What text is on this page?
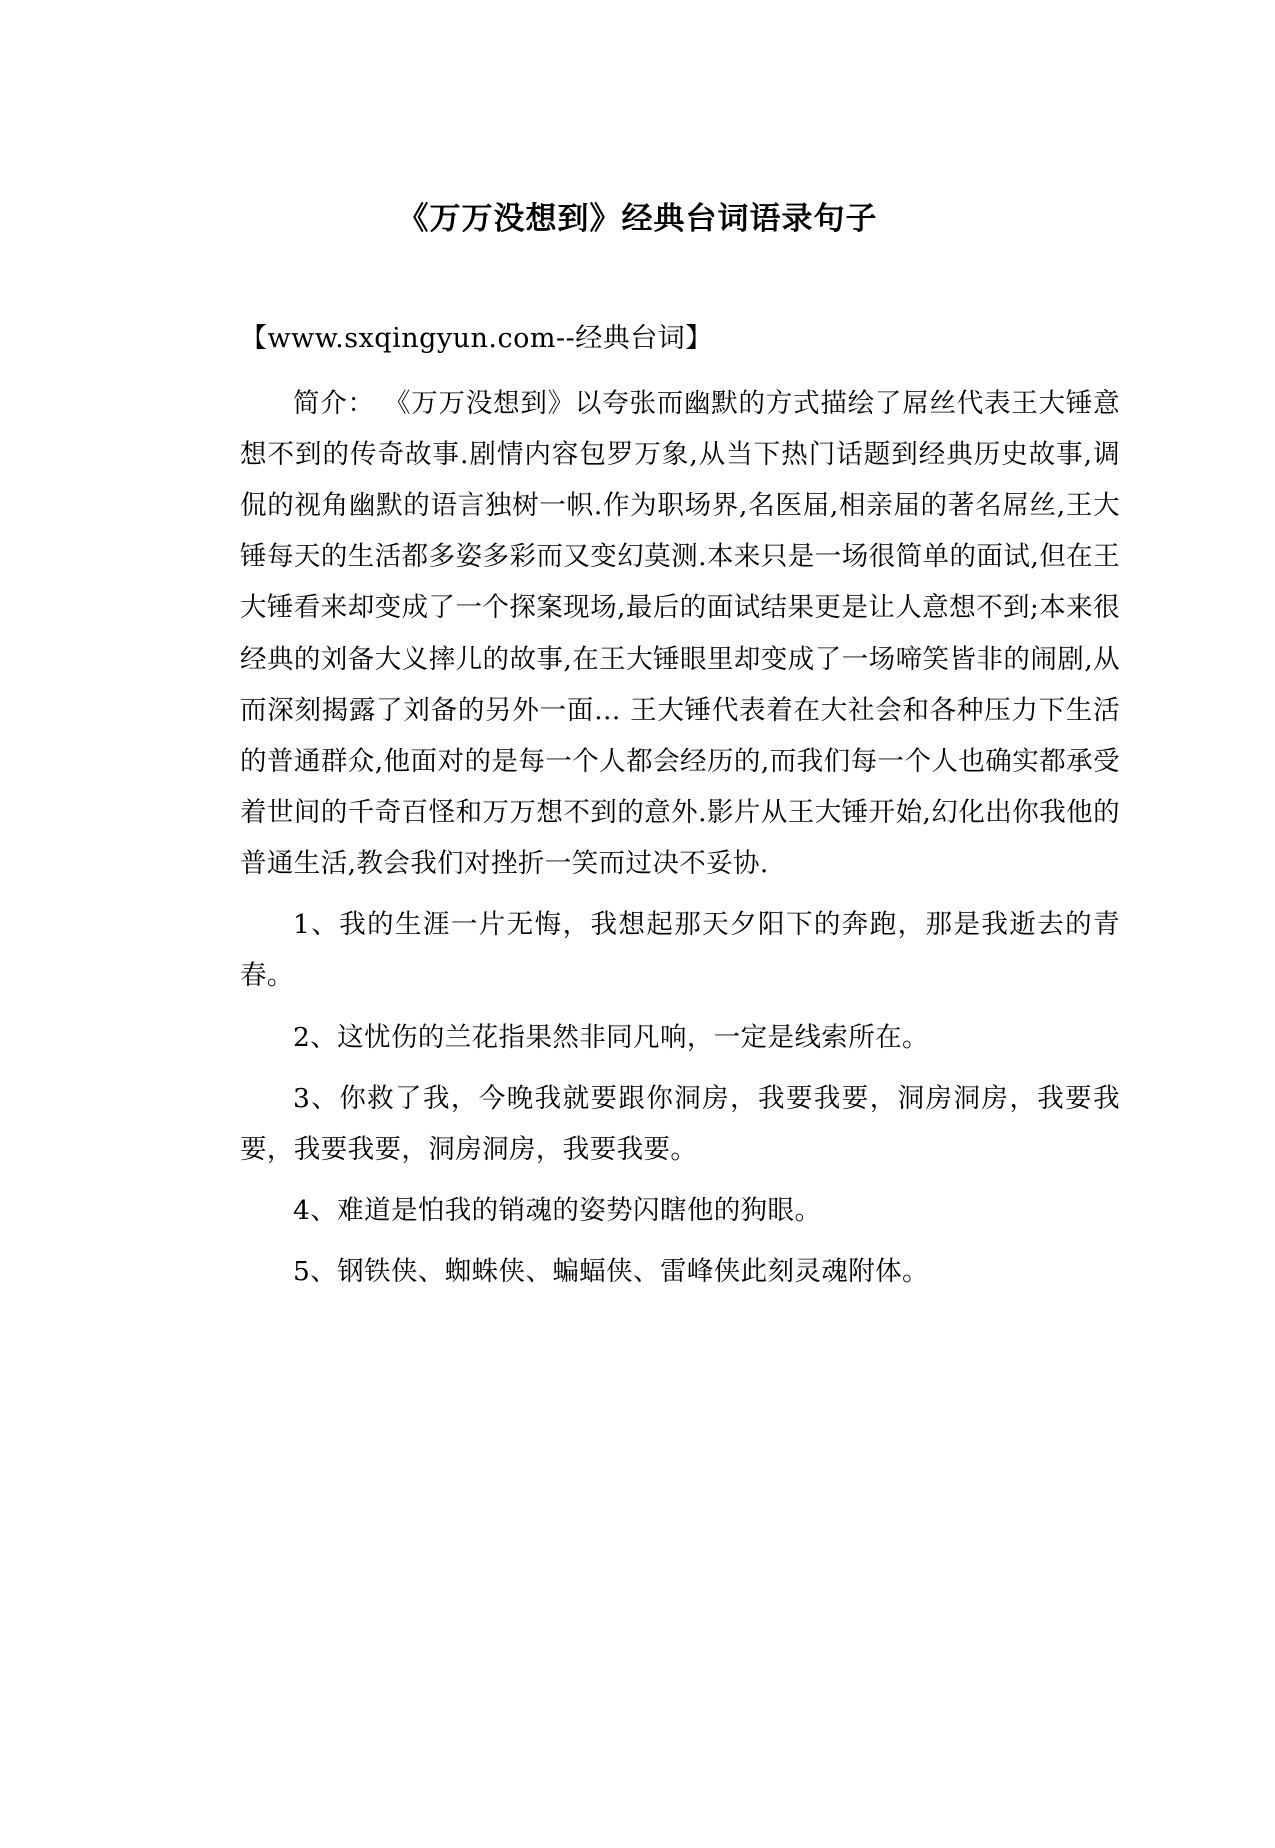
《万万没想到》经典台词语录句子
【www.sxqingyun.com--经典台词】

简介： 《万万没想到》以夸张而幽默的方式描绘了屌丝代表王大锤意想不到的传奇故事.剧情内容包罗万象,从当下热门话题到经典历史故事,调侃的视角幽默的语言独树一帜.作为职场界,名医届,相亲届的著名屌丝,王大锤每天的生活都多姿多彩而又变幻莫测.本来只是一场很简单的面试,但在王大锤看来却变成了一个探案现场,最后的面试结果更是让人意想不到;本来很经典的刘备大义摔儿的故事,在王大锤眼里却变成了一场啼笑皆非的闹剧,从而深刻揭露了刘备的另外一面… 王大锤代表着在大社会和各种压力下生活的普通群众,他面对的是每一个人都会经历的,而我们每一个人也确实都承受着世间的千奇百怪和万万想不到的意外.影片从王大锤开始,幻化出你我他的普通生活,教会我们对挫折一笑而过决不妥协.

1、我的生涯一片无悔，我想起那天夕阳下的奔跑，那是我逝去的青春。

2、这忧伤的兰花指果然非同凡响，一定是线索所在。

3、你救了我，今晚我就要跟你洞房，我要我要，洞房洞房，我要我要，我要我要，洞房洞房，我要我要。

4、难道是怕我的销魂的姿势闪瞎他的狗眼。

5、钢铁侠、蜘蛛侠、蝙蝠侠、雷峰侠此刻灵魂附体。
